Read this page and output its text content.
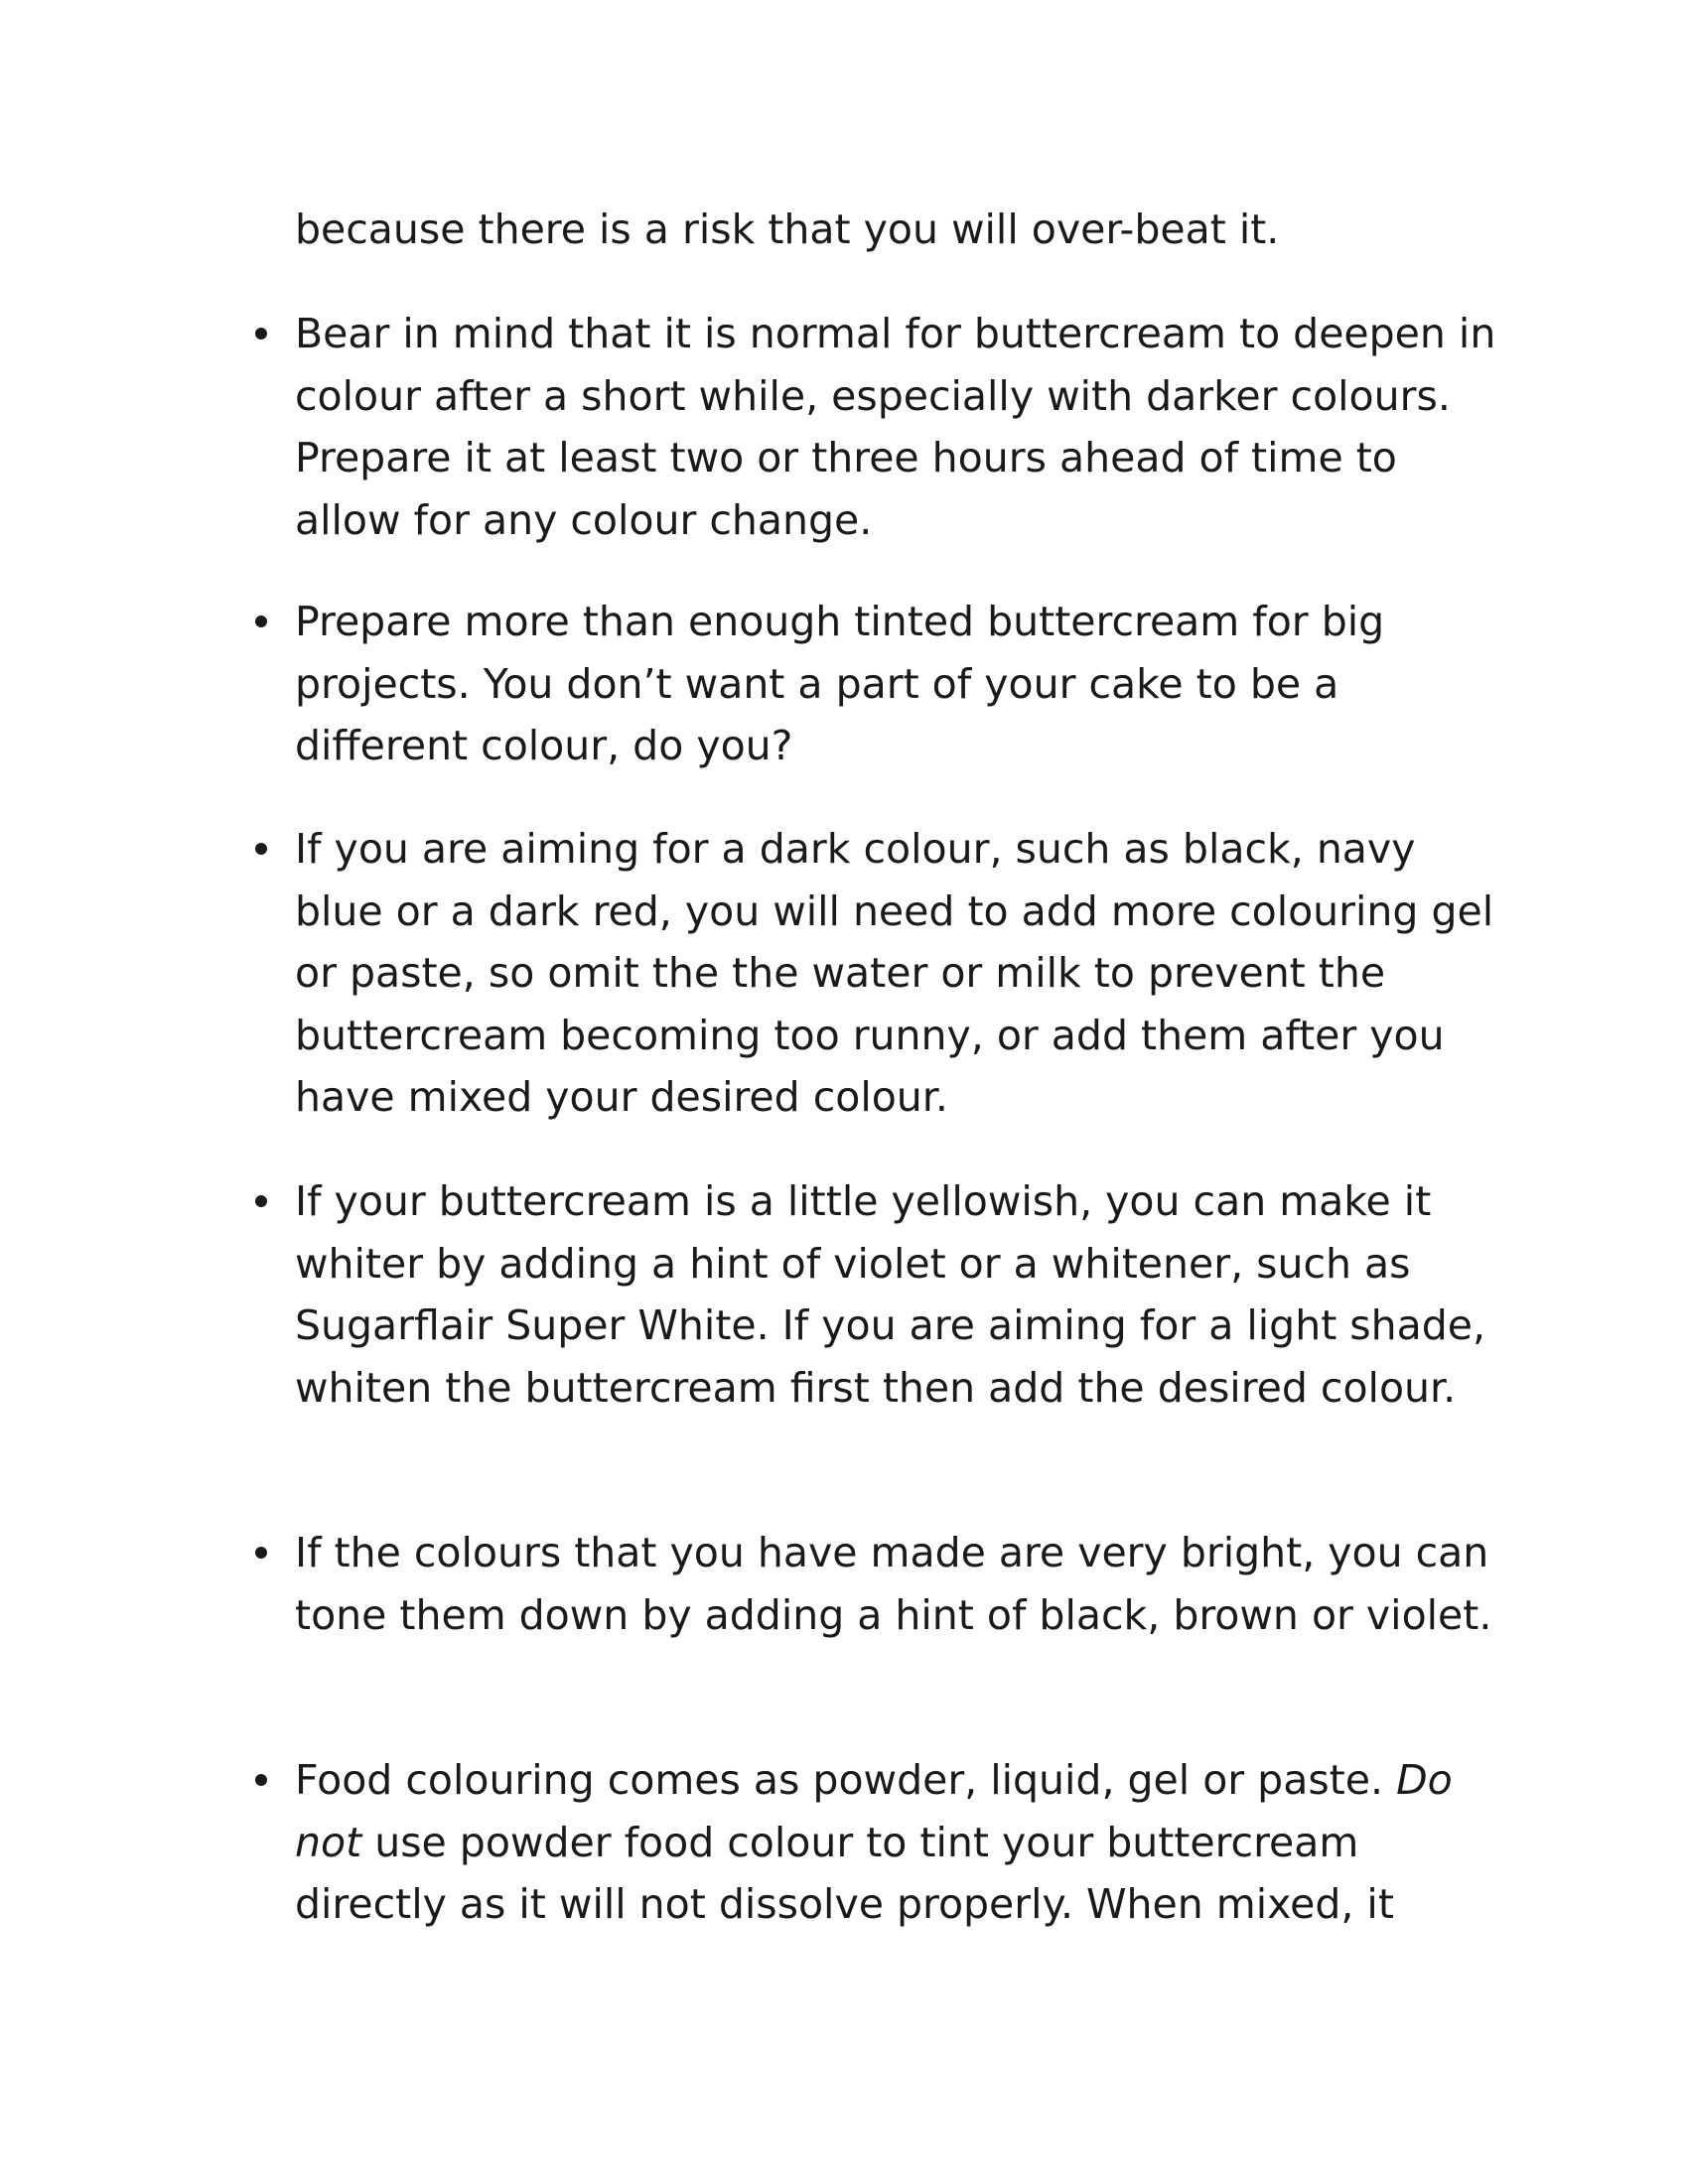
because there is a risk that you will over-beat it.

Bear in mind that it is normal for buttercream to deepen in colour after a short while, especially with darker colours. Prepare it at least two or three hours ahead of time to allow for any colour change.
Prepare more than enough tinted buttercream for big projects. You don’t want a part of your cake to be a different colour, do you?
If you are aiming for a dark colour, such as black, navy blue or a dark red, you will need to add more colouring gel or paste, so omit the the water or milk to prevent the buttercream becoming too runny, or add them after you have mixed your desired colour.
If your buttercream is a little yellowish, you can make it whiter by adding a hint of violet or a whitener, such as Sugarflair Super White. If you are aiming for a light shade, whiten the buttercream first then add the desired colour.
If the colours that you have made are very bright, you can tone them down by adding a hint of black, brown or violet.
Food colouring comes as powder, liquid, gel or paste. Do not use powder food colour to tint your buttercream directly as it will not dissolve properly. When mixed, it
